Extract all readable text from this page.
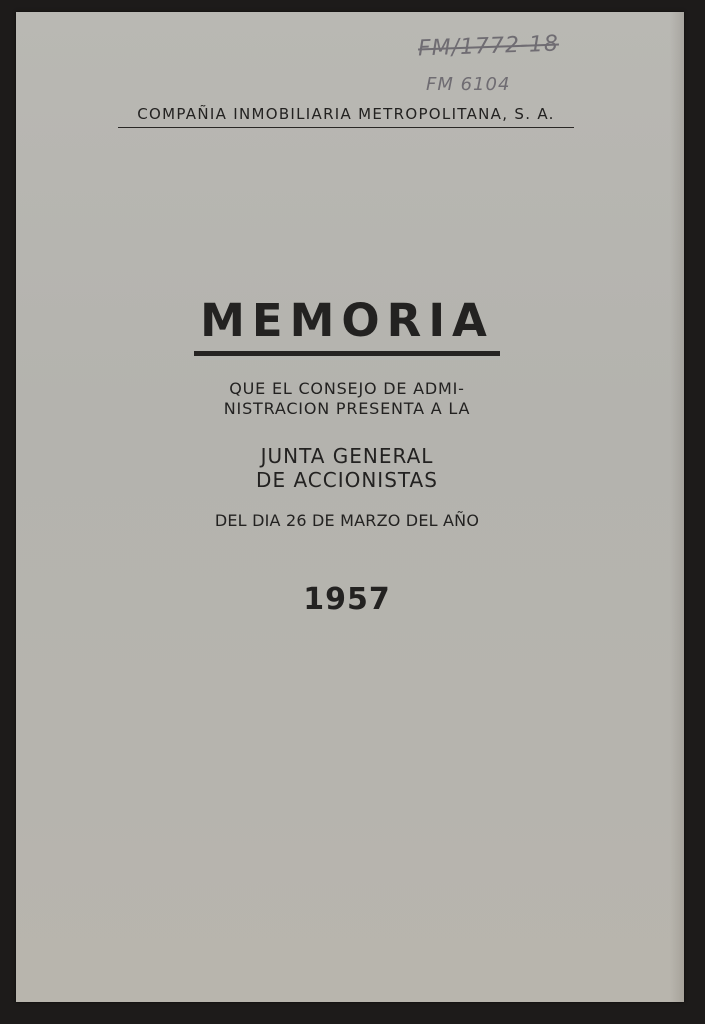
FM/1772-18
FM 6104
COMPAÑIA INMOBILIARIA METROPOLITANA, S. A.
MEMORIA
QUE EL CONSEJO DE ADMI-
NISTRACION PRESENTA A LA
JUNTA GENERAL
DE ACCIONISTAS
DEL DIA 26 DE MARZO DEL AÑO
1957
